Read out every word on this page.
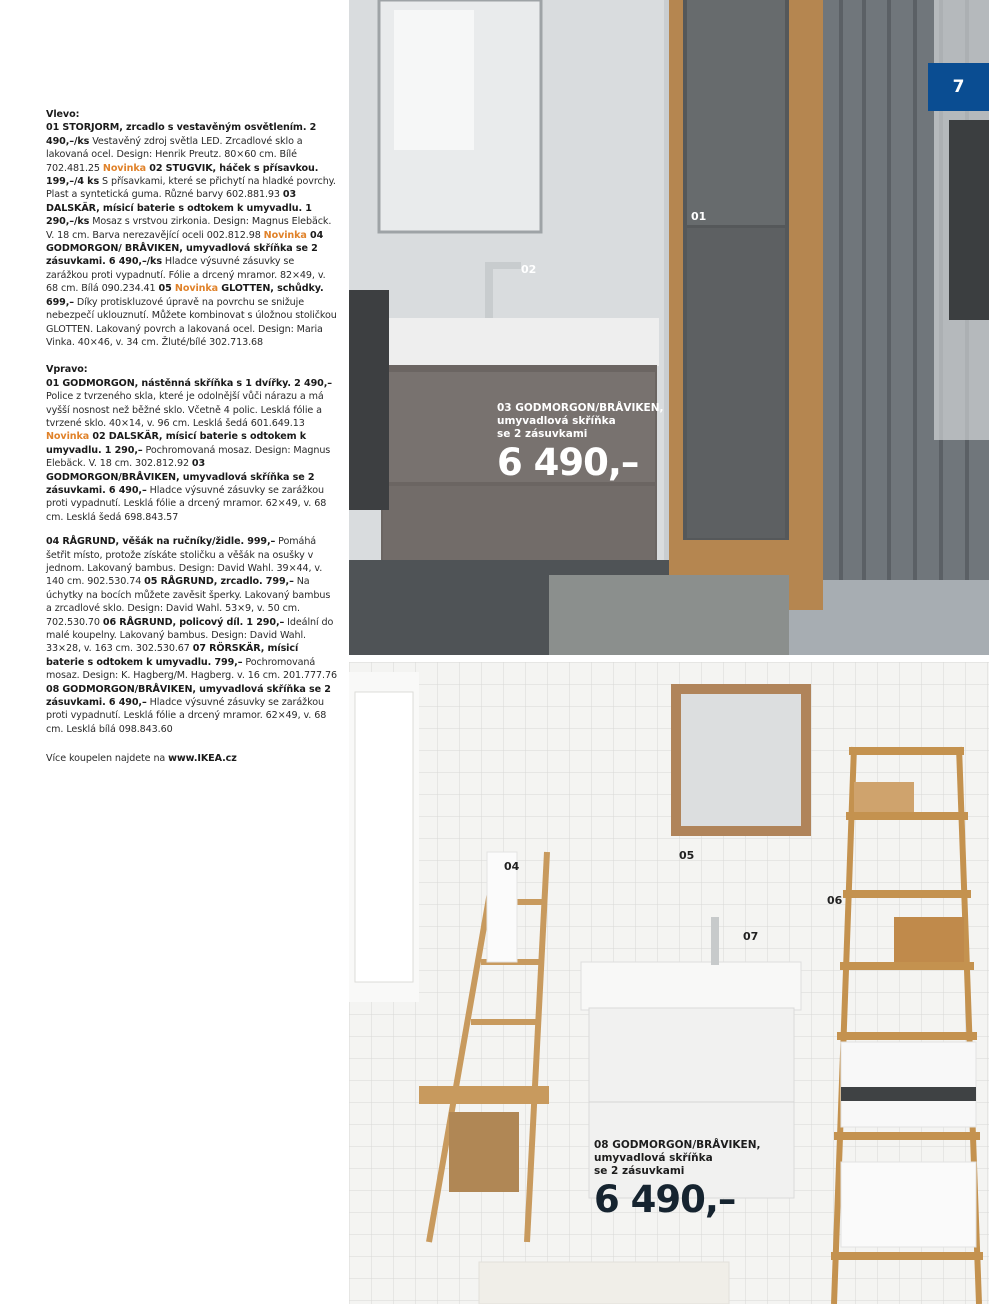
Vlevo:

01 STORJORM, zrcadlo s vestavěným osvětlením. 2 490,–/ks Vestavěný zdroj světla LED. Zrcadlové sklo a lakovaná ocel. Design: Henrik Preutz. 80×60 cm. Bílé 702.481.25 Novinka 02 STUGVIK, háček s přísavkou. 199,–/4 ks S přísavkami, které se přichytí na hladké povrchy. Plast a syntetická guma. Různé barvy 602.881.93 03 DALSKÄR, mísicí baterie s odtokem k umyvadlu. 1 290,–/ks Mosaz s vrstvou zirkonia. Design: Magnus Elebäck. V. 18 cm. Barva nerezavějící oceli 002.812.98 Novinka 04 GODMORGON/ BRÅVIKEN, umyvadlová skříňka se 2 zásuvkami. 6 490,–/ks Hladce výsuvné zásuvky se zarážkou proti vypadnutí. Fólie a drcený mramor. 82×49, v. 68 cm. Bílá 090.234.41 05 Novinka GLOTTEN, schůdky. 699,– Díky protiskluzové úpravě na povrchu se snižuje nebezpečí uklouznutí. Můžete kombinovat s úložnou stoličkou GLOTTEN. Lakovaný povrch a lakovaná ocel. Design: Maria Vinka. 40×46, v. 34 cm. Žluté/bílé 302.713.68

Vpravo:

01 GODMORGON, nástěnná skříňka s 1 dvířky. 2 490,– Police z tvrzeného skla, které je odolnější vůči nárazu a má vyšší nosnost než běžné sklo. Včetně 4 polic. Lesklá fólie a tvrzené sklo. 40×14, v. 96 cm. Lesklá šedá 601.649.13 Novinka 02 DALSKÄR, mísicí baterie s odtokem k umyvadlu. 1 290,– Pochromovaná mosaz. Design: Magnus Elebäck. V. 18 cm. 302.812.92 03 GODMORGON/BRÅVIKEN, umyvadlová skříňka se 2 zásuvkami. 6 490,– Hladce výsuvné zásuvky se zarážkou proti vypadnutí. Lesklá fólie a drcený mramor. 62×49, v. 68 cm. Lesklá šedá 698.843.57

04 RÅGRUND, věšák na ručníky/židle. 999,– Pomáhá šetřit místo, protože získáte stoličku a věšák na osušky v jednom. Lakovaný bambus. Design: David Wahl. 39×44, v. 140 cm. 902.530.74 05 RÅGRUND, zrcadlo. 799,– Na úchytky na bocích můžete zavěsit šperky. Lakovaný bambus a zrcadlové sklo. Design: David Wahl. 53×9, v. 50 cm. 702.530.70 06 RÅGRUND, policový díl. 1 290,– Ideální do malé koupelny. Lakovaný bambus. Design: David Wahl. 33×28, v. 163 cm. 302.530.67 07 RÖRSKÄR, mísicí baterie s odtokem k umyvadlu. 799,– Pochromovaná mosaz. Design: K. Hagberg/M. Hagberg. v. 16 cm. 201.777.76 08 GODMORGON/BRÅVIKEN, umyvadlová skříňka se 2 zásuvkami. 6 490,– Hladce výsuvné zásuvky se zarážkou proti vypadnutí. Lesklá fólie a drcený mramor. 62×49, v. 68 cm. Lesklá bílá 098.843.60

Více koupelen najdete na www.IKEA.cz

01
02
03 GODMORGON/BRÅVIKEN,
umyvadlová skříňka
se 2 zásuvkami
6 490,–
7
04
05
06
07
08 GODMORGON/BRÅVIKEN,
umyvadlová skříňka
se 2 zásuvkami
6 490,–
